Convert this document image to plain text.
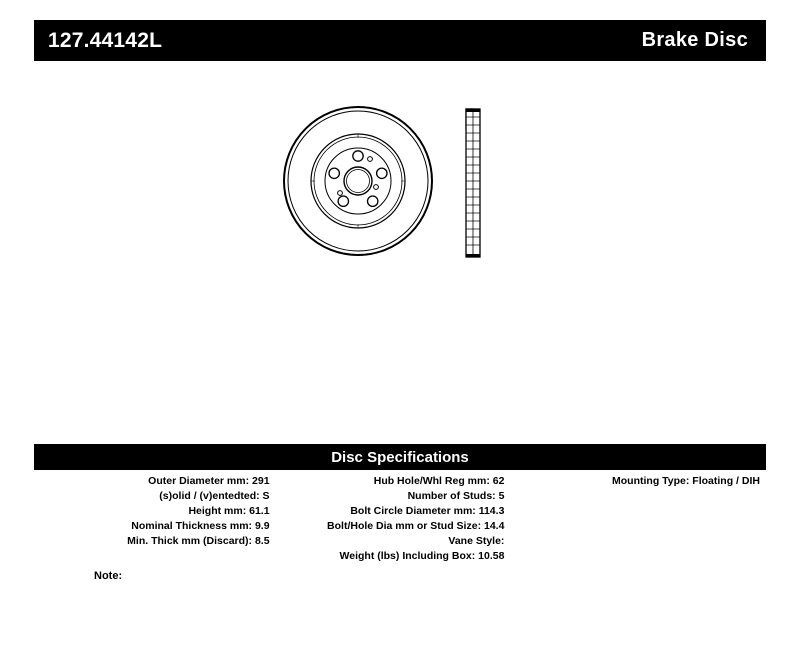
127.44142L	Brake Disc
Disc Specifications
Outer Diameter mm: 291
(s)olid / (v)entedted: S
Height mm: 61.1
Nominal Thickness mm: 9.9
Min. Thick mm (Discard): 8.5
Hub Hole/Whl Reg mm: 62
Number of Studs: 5
Bolt Circle Diameter mm: 114.3
Bolt/Hole Dia mm or Stud Size: 14.4
Vane Style:
Weight (lbs) Including Box: 10.58
Mounting Type: Floating / DIH
Note:
